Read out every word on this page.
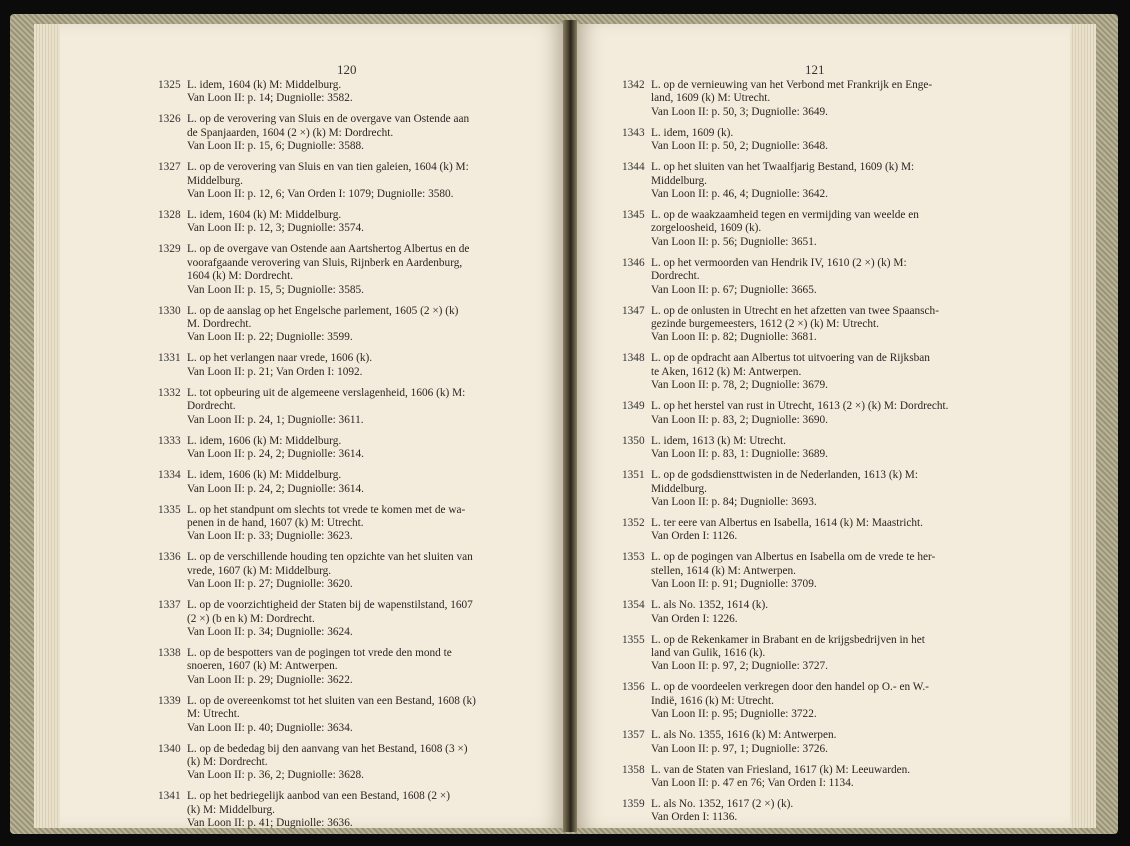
120	121
1325 L. idem, 1604 (k) M: Middelburg.
Van Loon II: p. 14; Dugniolle: 3582.
1326 L. op de verovering van Sluis en de overgave van Ostende aan
de Spanjaarden, 1604 (2 ×) (k) M: Dordrecht.
Van Loon II: p. 15, 6; Dugniolle: 3588.
1327 L. op de verovering van Sluis en van tien galeien, 1604 (k) M:
Middelburg.
Van Loon II: p. 12, 6; Van Orden I: 1079; Dugniolle: 3580.
1328 L. idem, 1604 (k) M: Middelburg.
Van Loon II: p. 12, 3; Dugniolle: 3574.
1329 L. op de overgave van Ostende aan Aartshertog Albertus en de
voorafgaande verovering van Sluis, Rijnberk en Aardenburg,
1604 (k) M: Dordrecht.
Van Loon II: p. 15, 5; Dugniolle: 3585.
1330 L. op de aanslag op het Engelsche parlement, 1605 (2 ×) (k)
M. Dordrecht.
Van Loon II: p. 22; Dugniolle: 3599.
1331 L. op het verlangen naar vrede, 1606 (k).
Van Loon II: p. 21; Van Orden I: 1092.
1332 L. tot opbeuring uit de algemeene verslagenheid, 1606 (k) M:
Dordrecht.
Van Loon II: p. 24, 1; Dugniolle: 3611.
1333 L. idem, 1606 (k) M: Middelburg.
Van Loon II: p. 24, 2; Dugniolle: 3614.
1334 L. idem, 1606 (k) M: Middelburg.
Van Loon II: p. 24, 2; Dugniolle: 3614.
1335 L. op het standpunt om slechts tot vrede te komen met de wa-
penen in de hand, 1607 (k) M: Utrecht.
Van Loon II: p. 33; Dugniolle: 3623.
1336 L. op de verschillende houding ten opzichte van het sluiten van
vrede, 1607 (k) M: Middelburg.
Van Loon II: p. 27; Dugniolle: 3620.
1337 L. op de voorzichtigheid der Staten bij de wapenstilstand, 1607
(2 ×) (b en k) M: Dordrecht.
Van Loon II: p. 34; Dugniolle: 3624.
1338 L. op de bespotters van de pogingen tot vrede den mond te
snoeren, 1607 (k) M: Antwerpen.
Van Loon II: p. 29; Dugniolle: 3622.
1339 L. op de overeenkomst tot het sluiten van een Bestand, 1608 (k)
M: Utrecht.
Van Loon II: p. 40; Dugniolle: 3634.
1340 L. op de bededag bij den aanvang van het Bestand, 1608 (3 ×)
(k) M: Dordrecht.
Van Loon II: p. 36, 2; Dugniolle: 3628.
1341 L. op het bedriegelijk aanbod van een Bestand, 1608 (2 ×)
(k) M: Middelburg.
Van Loon II: p. 41; Dugniolle: 3636.
1342 L. op de vernieuwing van het Verbond met Frankrijk en Enge-
land, 1609 (k) M: Utrecht.
Van Loon II: p. 50, 3; Dugniolle: 3649.
1343 L. idem, 1609 (k).
Van Loon II: p. 50, 2; Dugniolle: 3648.
1344 L. op het sluiten van het Twaalfjarig Bestand, 1609 (k) M:
Middelburg.
Van Loon II: p. 46, 4; Dugniolle: 3642.
1345 L. op de waakzaamheid tegen en vermijding van weelde en
zorgeloosheid, 1609 (k).
Van Loon II: p. 56; Dugniolle: 3651.
1346 L. op het vermoorden van Hendrik IV, 1610 (2 ×) (k) M:
Dordrecht.
Van Loon II: p. 67; Dugniolle: 3665.
1347 L. op de onlusten in Utrecht en het afzetten van twee Spaansch-
gezinde burgemeesters, 1612 (2 ×) (k) M: Utrecht.
Van Loon II: p. 82; Dugniolle: 3681.
1348 L. op de opdracht aan Albertus tot uitvoering van de Rijksban
te Aken, 1612 (k) M: Antwerpen.
Van Loon II: p. 78, 2; Dugniolle: 3679.
1349 L. op het herstel van rust in Utrecht, 1613 (2 ×) (k) M: Dordrecht.
Van Loon II: p. 83, 2; Dugniolle: 3690.
1350 L. idem, 1613 (k) M: Utrecht.
Van Loon II: p. 83, 1: Dugniolle: 3689.
1351 L. op de godsdiensttwisten in de Nederlanden, 1613 (k) M:
Middelburg.
Van Loon II: p. 84; Dugniolle: 3693.
1352 L. ter eere van Albertus en Isabella, 1614 (k) M: Maastricht.
Van Orden I: 1126.
1353 L. op de pogingen van Albertus en Isabella om de vrede te her-
stellen, 1614 (k) M: Antwerpen.
Van Loon II: p. 91; Dugniolle: 3709.
1354 L. als No. 1352, 1614 (k).
Van Orden I: 1226.
1355 L. op de Rekenkamer in Brabant en de krijgsbedrijven in het
land van Gulik, 1616 (k).
Van Loon II: p. 97, 2; Dugniolle: 3727.
1356 L. op de voordeelen verkregen door den handel op O.- en W.-
Indië, 1616 (k) M: Utrecht.
Van Loon II: p. 95; Dugniolle: 3722.
1357 L. als No. 1355, 1616 (k) M: Antwerpen.
Van Loon II: p. 97, 1; Dugniolle: 3726.
1358 L. van de Staten van Friesland, 1617 (k) M: Leeuwarden.
Van Loon II: p. 47 en 76; Van Orden I: 1134.
1359 L. als No. 1352, 1617 (2 ×) (k).
Van Orden I: 1136.
